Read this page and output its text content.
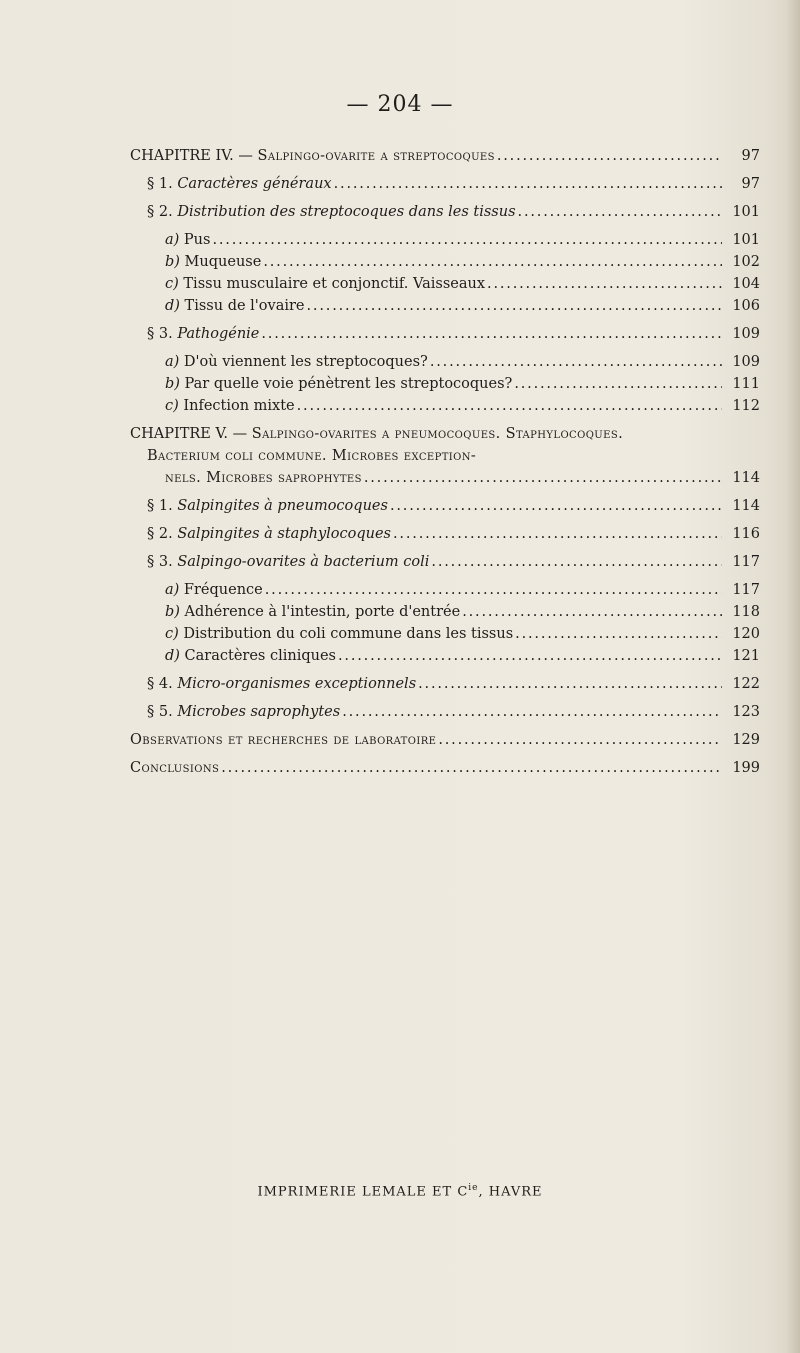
— 204 —
CHAPITRE IV. — Salpingo-ovarite a streptocoques . . .	97
§ 1. Caractères généraux . . .	97
§ 2. Distribution des streptocoques dans les tissus . . .	101
a) Pus . . .	101
b) Muqueuse . . .	102
c) Tissu musculaire et conjonctif. Vaisseaux . . .	104
d) Tissu de l'ovaire . . .	106
§ 3. Pathogénie . . .	109
a) D'où viennent les streptocoques? . . .	109
b) Par quelle voie pénètrent les streptocoques? . . .	111
c) Infection mixte . . .	112
CHAPITRE V. — Salpingo-ovarites a pneumocoques. Staphylocoques.
Bacterium coli commune. Microbes exception-
nels. Microbes saprophytes . . .	114
§ 1. Salpingites à pneumocoques . . .	114
§ 2. Salpingites à staphylocoques . . .	116
§ 3. Salpingo-ovarites à bacterium coli . . .	117
a) Fréquence . . .	117
b) Adhérence à l'intestin, porte d'entrée . . .	118
c) Distribution du coli commune dans les tissus . . .	120
d) Caractères cliniques . . .	121
§ 4. Micro-organismes exceptionnels . . .	122
§ 5. Microbes saprophytes . . .	123
Observations et recherches de laboratoire . . .	129
Conclusions . . .	199
IMPRIMERIE LEMALE ET $C^{ie}$, HAVRE
